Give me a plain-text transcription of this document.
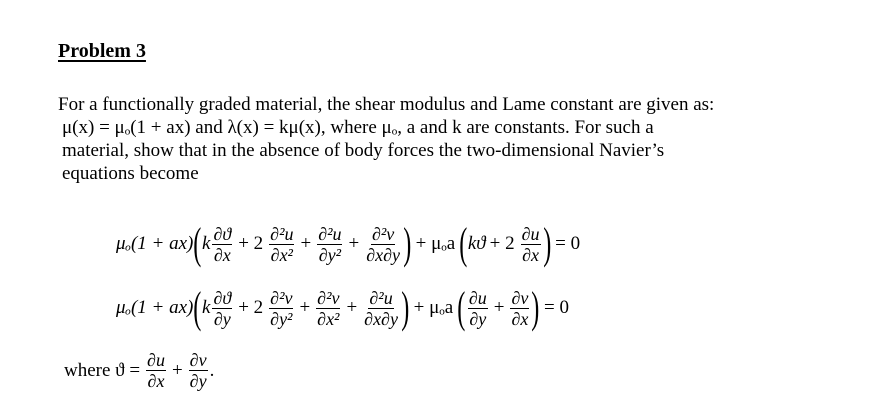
Problem 3
For a functionally graded material, the shear modulus and Lame constant are given as:
μ(x) = μₒ(1 + ax) and λ(x) = kμ(x), where μₒ, a and k are constants. For such a
material, show that in the absence of body forces the two-dimensional Navier’s
equations become
μₒ(1 + ax) ( k $\frac{\partial ϑ}{\partial x} + 2 \frac{\text{∂²u}}{\text{∂x²}} + \frac{\text{∂²u}}{\text{∂y²}} + \frac{\text{∂²v}}{\partial x\partial y}$ ) + μₒa ( $kϑ + 2 \frac{\partial u}{\partial x}$ ) = 0
μₒ(1 + ax) ( k $\frac{\partial ϑ}{\partial y} + 2 \frac{\text{∂²v}}{\text{∂y²}} + \frac{\text{∂²v}}{\text{∂x²}} + \frac{\text{∂²u}}{\partial x\partial y}$ ) + μₒa ( $\frac{\partial u}{\partial y} + \frac{\partial v}{\partial x}$ ) = 0
where $ϑ = \frac{\partial u}{\partial x} + \frac{\partial v}{\partial y}$ .
